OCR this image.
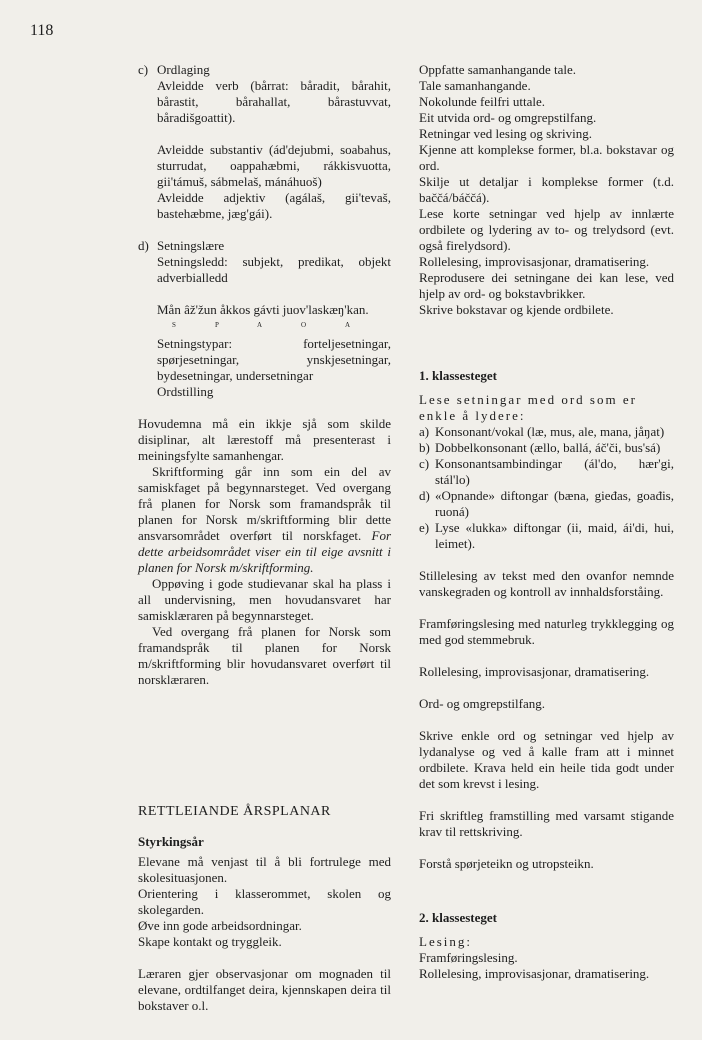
118
c) Ordlaging

Avleidde verb (bårrat: båradit, bårahit, bårastit, bårahallat, bårastuvvat, båradišgoattit).

Avleidde substantiv (ád'dejubmi, soabahus, sturrudat, oappahæbmi, rákkisvuotta, gii'támuš, sábmelaš, mánáhuoš)

Avleidde adjektiv (agálaš, gii'tevaš, bastehæbme, jæg'gái).

d) Setningslære

Setningsledd: subjekt, predikat, objekt adverbialledd

Mån âž'žun åkkos gávti juov'laskæŋ'kan.

S	P	A	O	A

Setningstypar: forteljesetningar, spørjesetningar, ynskjesetningar, bydesetningar, undersetningar

Ordstilling

Hovudemna må ein ikkje sjå som skilde disiplinar, alt lærestoff må presenterast i meiningsfylte samanhengar.

Skriftforming går inn som ein del av samiskfaget på begynnarsteget. Ved overgang frå planen for Norsk som framandspråk til planen for Norsk m/skriftforming blir dette ansvarsområdet overført til norskfaget. For dette arbeidsområdet viser ein til eige avsnitt i planen for Norsk m/skriftforming.

Oppøving i gode studievanar skal ha plass i all undervisning, men hovudansvaret har samisklæraren på begynnarsteget.

Ved overgang frå planen for Norsk som framandspråk til planen for Norsk m/skriftforming blir hovudansvaret overført til norsklæraren.

RETTLEIANDE ÅRSPLANAR

Styrkingsår

Elevane må venjast til å bli fortrulege med skolesituasjonen.

Orientering i klasserommet, skolen og skolegarden.

Øve inn gode arbeidsordningar.

Skape kontakt og tryggleik.

Læraren gjer observasjonar om mognaden til elevane, ordtilfanget deira, kjennskapen deira til bokstaver o.l.

Oppfatte samanhangande tale.

Tale samanhangande.

Nokolunde feilfri uttale.

Eit utvida ord- og omgrepstilfang.

Retningar ved lesing og skriving.

Kjenne att komplekse former, bl.a. bokstavar og ord.

Skilje ut detaljar i komplekse former (t.d. baččá/báččá).

Lese korte setningar ved hjelp av innlærte ordbilete og lydering av to- og trelydsord (evt. også firelydsord).

Rollelesing, improvisasjonar, dramatisering.

Reprodusere dei setningane dei kan lese, ved hjelp av ord- og bokstavbrikker.

Skrive bokstavar og kjende ordbilete.

1. klassesteget

Lese setningar med ord som er enkle å lydere:

a) Konsonant/vokal (læ, mus, ale, mana, jåŋat)
b) Dobbelkonsonant (ællo, ballá, áč'či, bus'sá)
c) Konsonantsambindingar (ál'do, hær'gi, stál'lo)
d) «Opnande» diftongar (bæna, gieđas, goađis, ruoná)
e) Lyse «lukka» diftongar (ii, maid, ái'di, hui, leimet).

Stillelesing av tekst med den ovanfor nemnde vanskegraden og kontroll av innhaldsforståing.

Framføringslesing med naturleg trykklegging og med god stemmebruk.

Rollelesing, improvisasjonar, dramatisering.

Ord- og omgrepstilfang.

Skrive enkle ord og setningar ved hjelp av lydanalyse og ved å kalle fram att i minnet ordbilete. Krava held ein heile tida godt under det som krevst i lesing.

Fri skriftleg framstilling med varsamt stigande krav til rettskriving.

Forstå spørjeteikn og utropsteikn.

2. klassesteget

Lesing:

Framføringslesing.

Rollelesing, improvisasjonar, dramatisering.
